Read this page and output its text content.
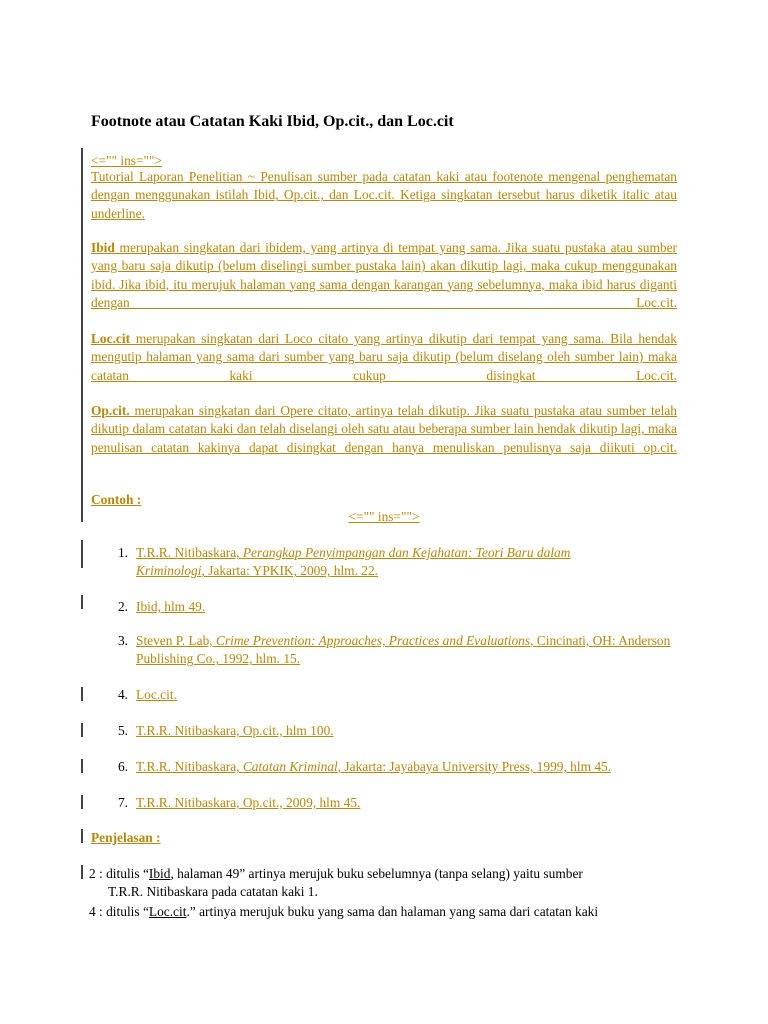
Footnote atau Catatan Kaki Ibid, Op.cit., dan Loc.cit
<="" ins="">
Tutorial Laporan Penelitian ~ Penulisan sumber pada catatan kaki atau footenote mengenal penghematan dengan menggunakan istilah Ibid, Op.cit., dan Loc.cit. Ketiga singkatan tersebut harus diketik italic atau underline.
Ibid merupakan singkatan dari ibidem, yang artinya di tempat yang sama. Jika suatu pustaka atau sumber yang baru saja dikutip (belum diselingi sumber pustaka lain) akan dikutip lagi, maka cukup menggunakan ibid. Jika ibid, itu merujuk halaman yang sama dengan karangan yang sebelumnya, maka ibid harus diganti dengan Loc.cit.
Loc.cit merupakan singkatan dari Loco citato yang artinya dikutip dari tempat yang sama. Bila hendak mengutip halaman yang sama dari sumber yang baru saja dikutip (belum diselang oleh sumber lain) maka catatan kaki cukup disingkat Loc.cit.
Op.cit. merupakan singkatan dari Opere citato, artinya telah dikutip. Jika suatu pustaka atau sumber telah dikutip dalam catatan kaki dan telah diselangi oleh satu atau beberapa sumber lain hendak dikutip lagi, maka penulisan catatan kakinya dapat disingkat dengan hanya menuliskan penulisnya saja diikuti op.cit.
Contoh :
<="" ins="">
1. T.R.R. Nitibaskara, Perangkap Penyimpangan dan Kejahatan: Teori Baru dalam Kriminologi, Jakarta: YPKIK, 2009, hlm. 22.
2. Ibid, hlm 49.
3. Steven P. Lab, Crime Prevention: Approaches, Practices and Evaluations, Cincinati, OH: Anderson Publishing Co., 1992, hlm. 15.
4. Loc.cit.
5. T.R.R. Nitibaskara, Op.cit., hlm 100.
6. T.R.R. Nitibaskara, Catatan Kriminal, Jakarta: Jayabaya University Press, 1999, hlm 45.
7. T.R.R. Nitibaskara, Op.cit., 2009, hlm 45.
Penjelasan :
2 : ditulis “Ibid, halaman 49” artinya merujuk buku sebelumnya (tanpa selang) yaitu sumber
T.R.R. Nitibaskara pada catatan kaki 1.
4 : ditulis “Loc.cit.” artinya merujuk buku yang sama dan halaman yang sama dari catatan kaki
